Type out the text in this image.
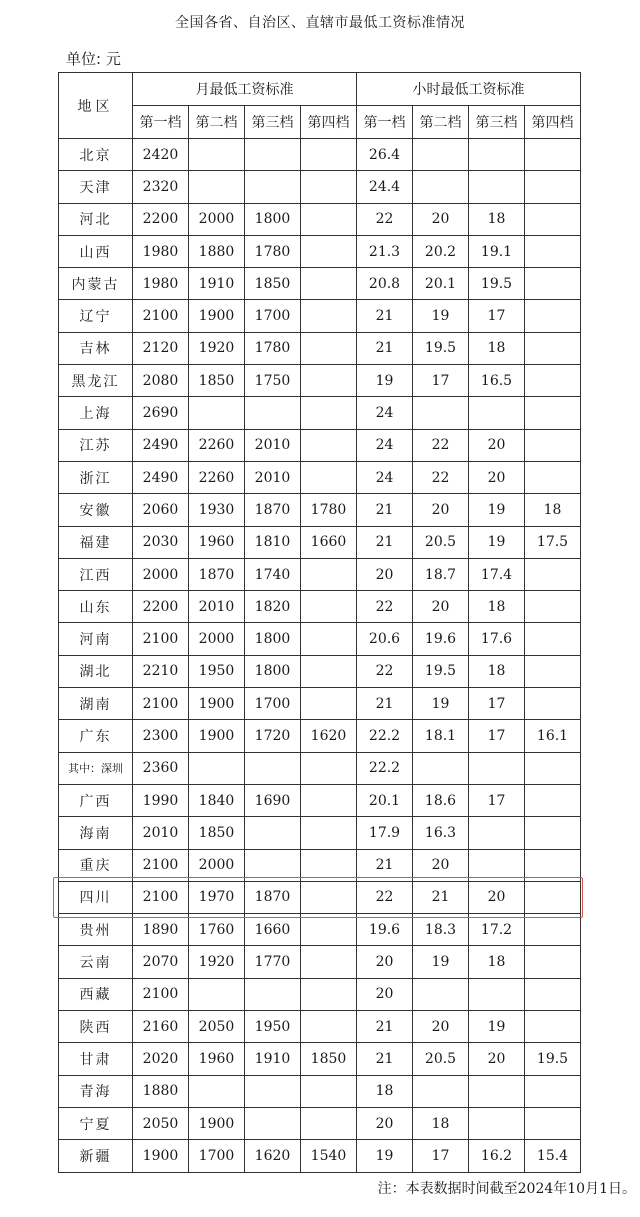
全国各省、自治区、直辖市最低工资标准情况
单位: 元
地区	月最低工资标准				小时最低工资标准			
	第一档	第二档	第三档	第四档	第一档	第二档	第三档	第四档
北京	2420				26.4			
天津	2320				24.4			
河北	2200	2000	1800		22	20	18	
山西	1980	1880	1780		21.3	20.2	19.1	
内蒙古	1980	1910	1850		20.8	20.1	19.5	
辽宁	2100	1900	1700		21	19	17	
吉林	2120	1920	1780		21	19.5	18	
黑龙江	2080	1850	1750		19	17	16.5	
上海	2690				24			
江苏	2490	2260	2010		24	22	20	
浙江	2490	2260	2010		24	22	20	
安徽	2060	1930	1870	1780	21	20	19	18
福建	2030	1960	1810	1660	21	20.5	19	17.5
江西	2000	1870	1740		20	18.7	17.4	
山东	2200	2010	1820		22	20	18	
河南	2100	2000	1800		20.6	19.6	17.6	
湖北	2210	1950	1800		22	19.5	18	
湖南	2100	1900	1700		21	19	17	
广东	2300	1900	1720	1620	22.2	18.1	17	16.1
其中：深圳	2360				22.2			
广西	1990	1840	1690		20.1	18.6	17	
海南	2010	1850			17.9	16.3		
重庆	2100	2000			21	20		
四川	2100	1970	1870		22	21	20	
贵州	1890	1760	1660		19.6	18.3	17.2	
云南	2070	1920	1770		20	19	18	
西藏	2100				20			
陕西	2160	2050	1950		21	20	19	
甘肃	2020	1960	1910	1850	21	20.5	20	19.5
青海	1880				18			
宁夏	2050	1900			20	18		
新疆	1900	1700	1620	1540	19	17	16.2	15.4
注：本表数据时间截至2024年10月1日。
